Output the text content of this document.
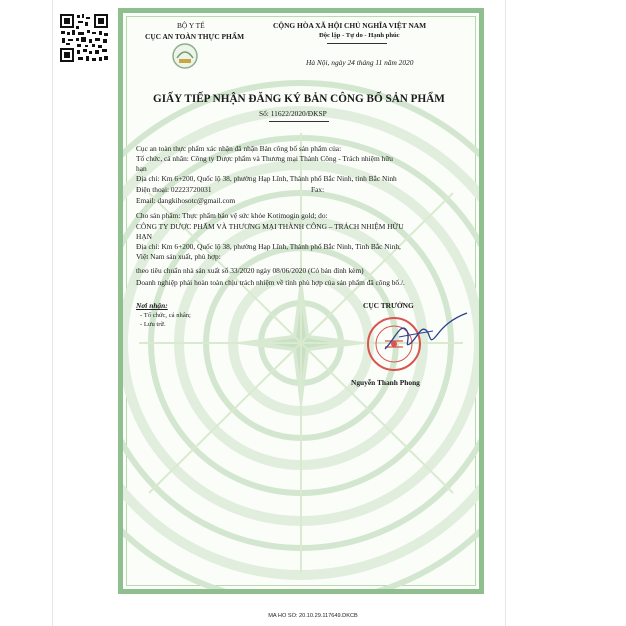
BỘ Y TẾ
CỤC AN TOÀN THỰC PHẨM
CỘNG HÒA XÃ HỘI CHỦ NGHĨA VIỆT NAM
Độc lập - Tự do - Hạnh phúc
Hà Nội, ngày 24 tháng 11 năm 2020
GIẤY TIẾP NHẬN ĐĂNG KÝ BẢN CÔNG BỐ SẢN PHẨM
Số: 11622/2020/ĐKSP
Cục an toàn thực phẩm xác nhận đã nhận Bản công bố sản phẩm của:
Tổ chức, cá nhân: Công ty Dược phẩm và Thương mại Thành Công - Trách nhiệm hữu
hạn
Địa chỉ: Km 6+200, Quốc lộ 38, phường Hạp Lĩnh, Thành phố Bắc Ninh, tỉnh Bắc Ninh
Điện thoại: 02223720031	Fax:
Email: dangkihosotc@gmail.com
Cho sản phẩm: Thực phẩm bảo vệ sức khỏe Kotimogin gold; do:
CÔNG TY DƯỢC PHẨM VÀ THƯƠNG MẠI THÀNH CÔNG – TRÁCH NHIỆM HỮU
HẠN
Địa chỉ: Km 6+200, Quốc lộ 38, phường Hạp Lĩnh, Thành phố Bắc Ninh, Tỉnh Bắc Ninh,
Việt Nam sản xuất, phù hợp:
theo tiêu chuẩn nhà sản xuất số 33/2020 ngày 08/06/2020 (Có bản đính kèm)
Doanh nghiệp phải hoàn toàn chịu trách nhiệm về tính phù hợp của sản phẩm đã công bố./.
Nơi nhận:
- Tổ chức, cá nhân;
- Lưu trữ.
CỤC TRƯỞNG
Nguyễn Thanh Phong
MA HO SO: 20.10.29.117649.DKCB
